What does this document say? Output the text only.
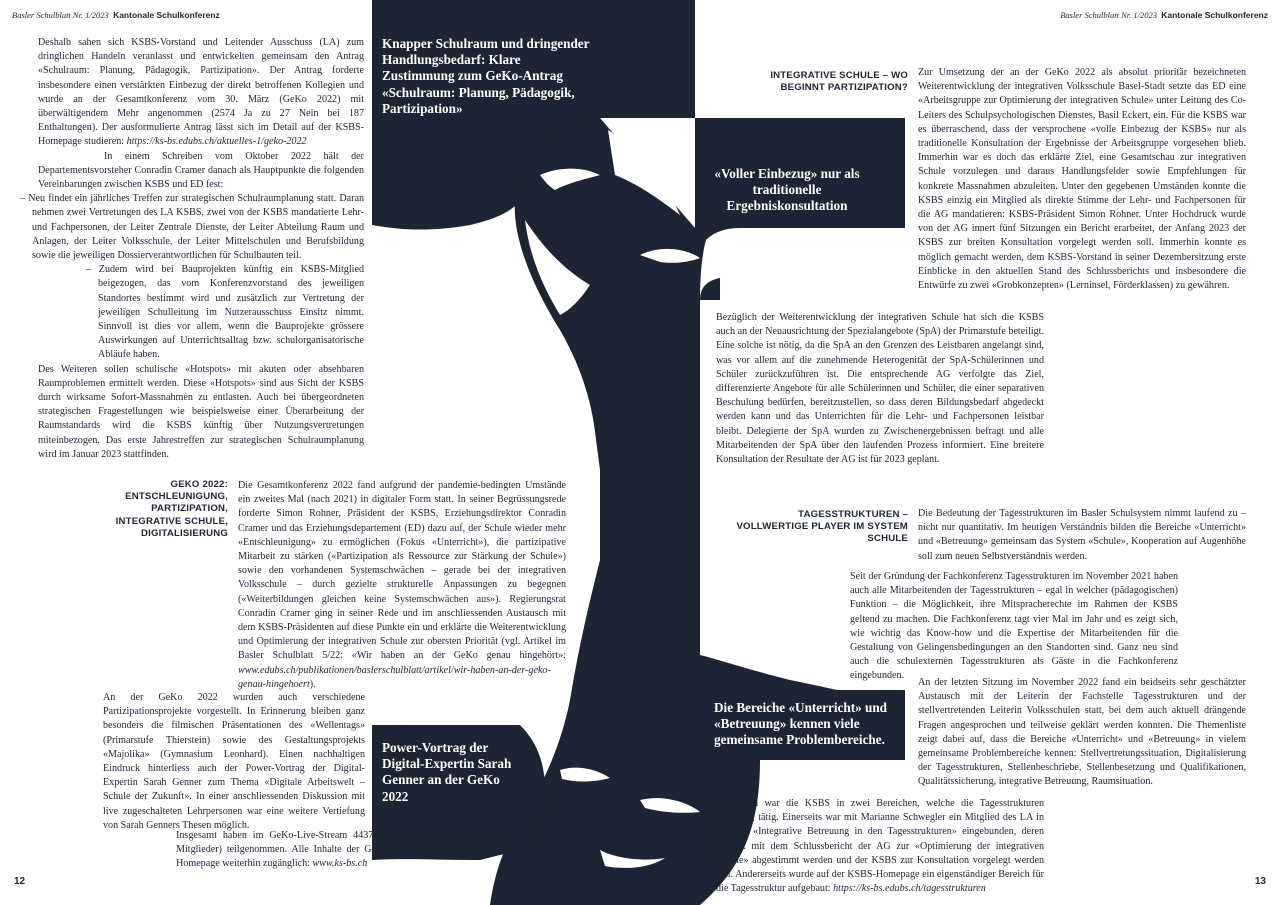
Basler Schulblatt Nr. 1/2023 Kantonale Schulkonferenz	Basler Schulblatt Nr. 1/2023 Kantonale Schulkonferenz
12	13

Deshalb sahen sich KSBS-Vorstand und Leitender Ausschuss (LA) zum dringlichen Handeln veranlasst und entwickelten gemeinsam den Antrag «Schulraum: Planung, Pädagogik, Partizipation». Der Antrag forderte insbesondere einen verstärkten Einbezug der direkt betroffenen Kollegien und wurde an der Gesamtkonferenz vom 30. März (GeKo 2022) mit überwältigendem Mehr angenommen (2574 Ja zu 27 Nein bei 187 Enthaltungen). Der ausformulierte Antrag lässt sich im Detail auf der KSBS-Homepage studieren: https://ks-bs.edubs.ch/aktuelles-1/geko-2022

In einem Schreiben vom Oktober 2022 hält der Departementsvorsteher Conradin Cramer danach als Hauptpunkte die folgenden Vereinbarungen zwischen KSBS und ED fest:

– Neu findet ein jährliches Treffen zur strategischen Schulraumplanung statt. Daran nehmen zwei Vertretungen des LA KSBS, zwei von der KSBS mandatierte Lehr- und Fachpersonen, der Leiter Zentrale Dienste, der Leiter Abteilung Raum und Anlagen, der Leiter Volksschule, der Leiter Mittelschulen und Berufsbildung sowie die jeweiligen Dossierverantwortlichen für Schulbauten teil.

– Zudem wird bei Bauprojekten künftig ein KSBS-Mitglied beigezogen, das vom Konferenzvorstand des jeweiligen Standortes bestimmt wird und zusätzlich zur Vertretung der jeweiligen Schulleitung im Nutzerausschuss Einsitz nimmt. Sinnvoll ist dies vor allem, wenn die Bauprojekte grössere Auswirkungen auf Unterrichtsalltag bzw. schulorganisatorische Abläufe haben.

Des Weiteren sollen schulische «Hotspots» mit akuten oder absehbaren Raumproblemen ermittelt werden. Diese «Hotspots» sind aus Sicht der KSBS durch wirksame Sofort-Massnahmen zu entlasten. Auch bei übergeordneten strategischen Fragestellungen wie beispielsweise einer Überarbeitung der Raumstandards wird die KSBS künftig über Nutzungsvertretungen miteinbezogen. Das erste Jahrestreffen zur strategischen Schulraumplanung wird im Januar 2023 stattfinden.

Knapper Schulraum und dringender Handlungsbedarf: Klare Zustimmung zum GeKo-Antrag «Schulraum: Planung, Pädagogik, Partizipation»
GEKO 2022: ENTSCHLEUNIGUNG, PARTIZIPATION, INTEGRATIVE SCHULE, DIGITALISIERUNG

Die Gesamtkonferenz 2022 fand aufgrund der pandemie-bedingten Umstände ein zweites Mal (nach 2021) in digitaler Form statt. In seiner Begrüssungsrede forderte Simon Rohner, Präsident der KSBS, Erziehungsdirektor Conradin Cramer und das Erziehungsdepartement (ED) dazu auf, der Schule wieder mehr «Entschleunigung» zu ermöglichen (Fokus «Unterricht»), die partizipative Mitarbeit zu stärken («Partizipation als Ressource zur Stärkung der Schule») sowie den vorhandenen Systemschwächen – gerade bei der integrativen Volksschule – durch gezielte strukturelle Anpassungen zu begegnen («Weiterbildungen gleichen keine Systemschwächen aus»). Regierungsrat Conradin Cramer ging in seiner Rede und im anschliessenden Austausch mit dem KSBS-Präsidenten auf diese Punkte ein und erklärte die Weiterentwicklung und Optimierung der integrativen Schule zur obersten Priorität (vgl. Artikel im Basler Schulblatt 5/22: «Wir haben an der GeKo genau hingehört»: www.edubs.ch/publikationen/baslerschulblatt/artikel/wir-haben-an-der-geko-genau-hingehoert).

An der GeKo 2022 wurden auch verschiedene Partizipationsprojekte vorgestellt. In Erinnerung bleiben ganz besonders die filmischen Präsentationen des «Wellentags» (Primarstufe Thierstein) sowie des Gestaltungsprojekts «Majolika» (Gymnasium Leonhard). Einen nachhaltigen Eindruck hinterliess auch der Power-Vortrag der Digital-Expertin Sarah Genner zum Thema «Digitale Arbeitswelt – Schule der Zukunft». In einer anschliessenden Diskussion mit live zugeschalteten Lehrpersonen war eine weitere Vertiefung von Sarah Genners Thesen möglich.

Insgesamt haben im GeKo-Live-Stream 4437 Personen (Gäste und KSBS-Mitglieder) teilgenommen. Alle Inhalte der GeKo 2022 sind auf der KSBS-Homepage weiterhin zugänglich: www.ks-bs.ch

Power-Vortrag der Digital-Expertin Sarah Genner an der GeKo 2022
INTEGRATIVE SCHULE – WO BEGINNT PARTIZIPATION?

Zur Umsetzung der an der GeKo 2022 als absolut prioritär bezeichneten Weiterentwicklung der integrativen Volksschule Basel-Stadt setzte das ED eine «Arbeitsgruppe zur Optimierung der integrativen Schule» unter Leitung des Co-Leiters des Schulpsychologischen Dienstes, Basil Eckert, ein. Für die KSBS war es überraschend, dass der versprochene «volle Einbezug der KSBS» nur als traditionelle Konsultation der Ergebnisse der Arbeitsgruppe vorgesehen blieb. Immerhin war es doch das erklärte Ziel, eine Gesamtschau zur integrativen Schule vorzulegen und daraus Handlungsfelder sowie Empfehlungen für konkrete Massnahmen abzuleiten. Unter den gegebenen Umständen konnte die KSBS einzig ein Mitglied als direkte Stimme der Lehr- und Fachpersonen für die AG mandatieren: KSBS-Präsident Simon Rohner. Unter Hochdruck wurde von der AG innert fünf Sitzungen ein Bericht erarbeitet, der Anfang 2023 der KSBS zur breiten Konsultation vorgelegt werden soll. Immerhin konnte es möglich gemacht werden, dem KSBS-Vorstand in seiner Dezembersitzung erste Einblicke in den aktuellen Stand des Schlussberichts und insbesondere die Entwürfe zu zwei «Grobkonzepten» (Lerninsel, Förderklassen) zu gewähren.

«Voller Einbezug» nur als traditionelle Ergebniskonsultation

Bezüglich der Weiterentwicklung der integrativen Schule hat sich die KSBS auch an der Neuausrichtung der Spezialangebote (SpA) der Primarstufe beteiligt. Eine solche ist nötig, da die SpA an den Grenzen des Leistbaren angelangt sind, was vor allem auf die zunehmende Heterogenität der SpA-Schülerinnen und Schüler zurückzuführen ist. Die entsprechende AG verfolgte das Ziel, differenzierte Angebote für alle Schülerinnen und Schüler, die einer separativen Beschulung bedürfen, bereitzustellen, so dass deren Bildungsbedarf abgedeckt werden kann und das Unterrichten für die Lehr- und Fachpersonen leistbar bleibt. Delegierte der SpA wurden zu Zwischenergebnissen befragt und alle Mitarbeitenden der SpA über den laufenden Prozess informiert. Eine breitere Konsultation der Resultate der AG ist für 2023 geplant.

TAGESSTRUKTUREN – VOLLWERTIGE PLAYER IM SYSTEM SCHULE

Die Bedeutung der Tagesstrukturen im Basler Schulsystem nimmt laufend zu – nicht nur quantitativ. Im heutigen Verständnis bilden die Bereiche «Unterricht» und «Betreuung» gemeinsam das System «Schule», Kooperation auf Augenhöhe soll zum neuen Selbstverständnis werden.

Seit der Gründung der Fachkonferenz Tagesstrukturen im November 2021 haben auch alle Mitarbeitenden der Tagesstrukturen – egal in welcher (pädagogischen) Funktion – die Möglichkeit, ihre Mitspracherechte im Rahmen der KSBS geltend zu machen. Die Fachkonferenz tagt vier Mal im Jahr und es zeigt sich, wie wichtig das Know-how und die Expertise der Mitarbeitenden für die Gestaltung von Gelingensbedingungen an den Standorten sind. Ganz neu sind auch die schulexternen Tagesstrukturen als Gäste in die Fachkonferenz eingebunden.

An der letzten Sitzung im November 2022 fand ein beidseits sehr geschätzter Austausch mit der Leiterin der Fachstelle Tagesstrukturen und der stellvertretenden Leiterin Volksschulen statt, bei dem auch aktuell drängende Fragen angesprochen und teilweise geklärt werden konnten. Die Themenliste zeigt dabei auf, dass die Bereiche «Unterricht» und «Betreuung» in vielem gemeinsame Problembereiche kennen: Stellvertretungssituation, Digitalisierung der Tagesstrukturen, Stellenbeschriebe, Stellenbesetzung und Qualifikationen, Qualitätssicherung, integrative Betreuung, Raumsituation.

Die Bereiche «Unterricht» und «Betreuung» kennen viele gemeinsame Problembereiche.

Zusätzlich war die KSBS in zwei Bereichen, welche die Tagesstrukturen betreffen, tätig. Einerseits war mit Marianne Schwegler ein Mitglied des LA in die AG «Integrative Betreuung in den Tagesstrukturen» eingebunden, deren Bericht mit dem Schlussbericht der AG zur «Optimierung der integrativen Schule» abgestimmt werden und der KSBS zur Konsultation vorgelegt werden soll. Andererseits wurde auf der KSBS-Homepage ein eigenständiger Bereich für die Tagesstruktur aufgebaut: https://ks-bs.edubs.ch/tagesstrukturen
